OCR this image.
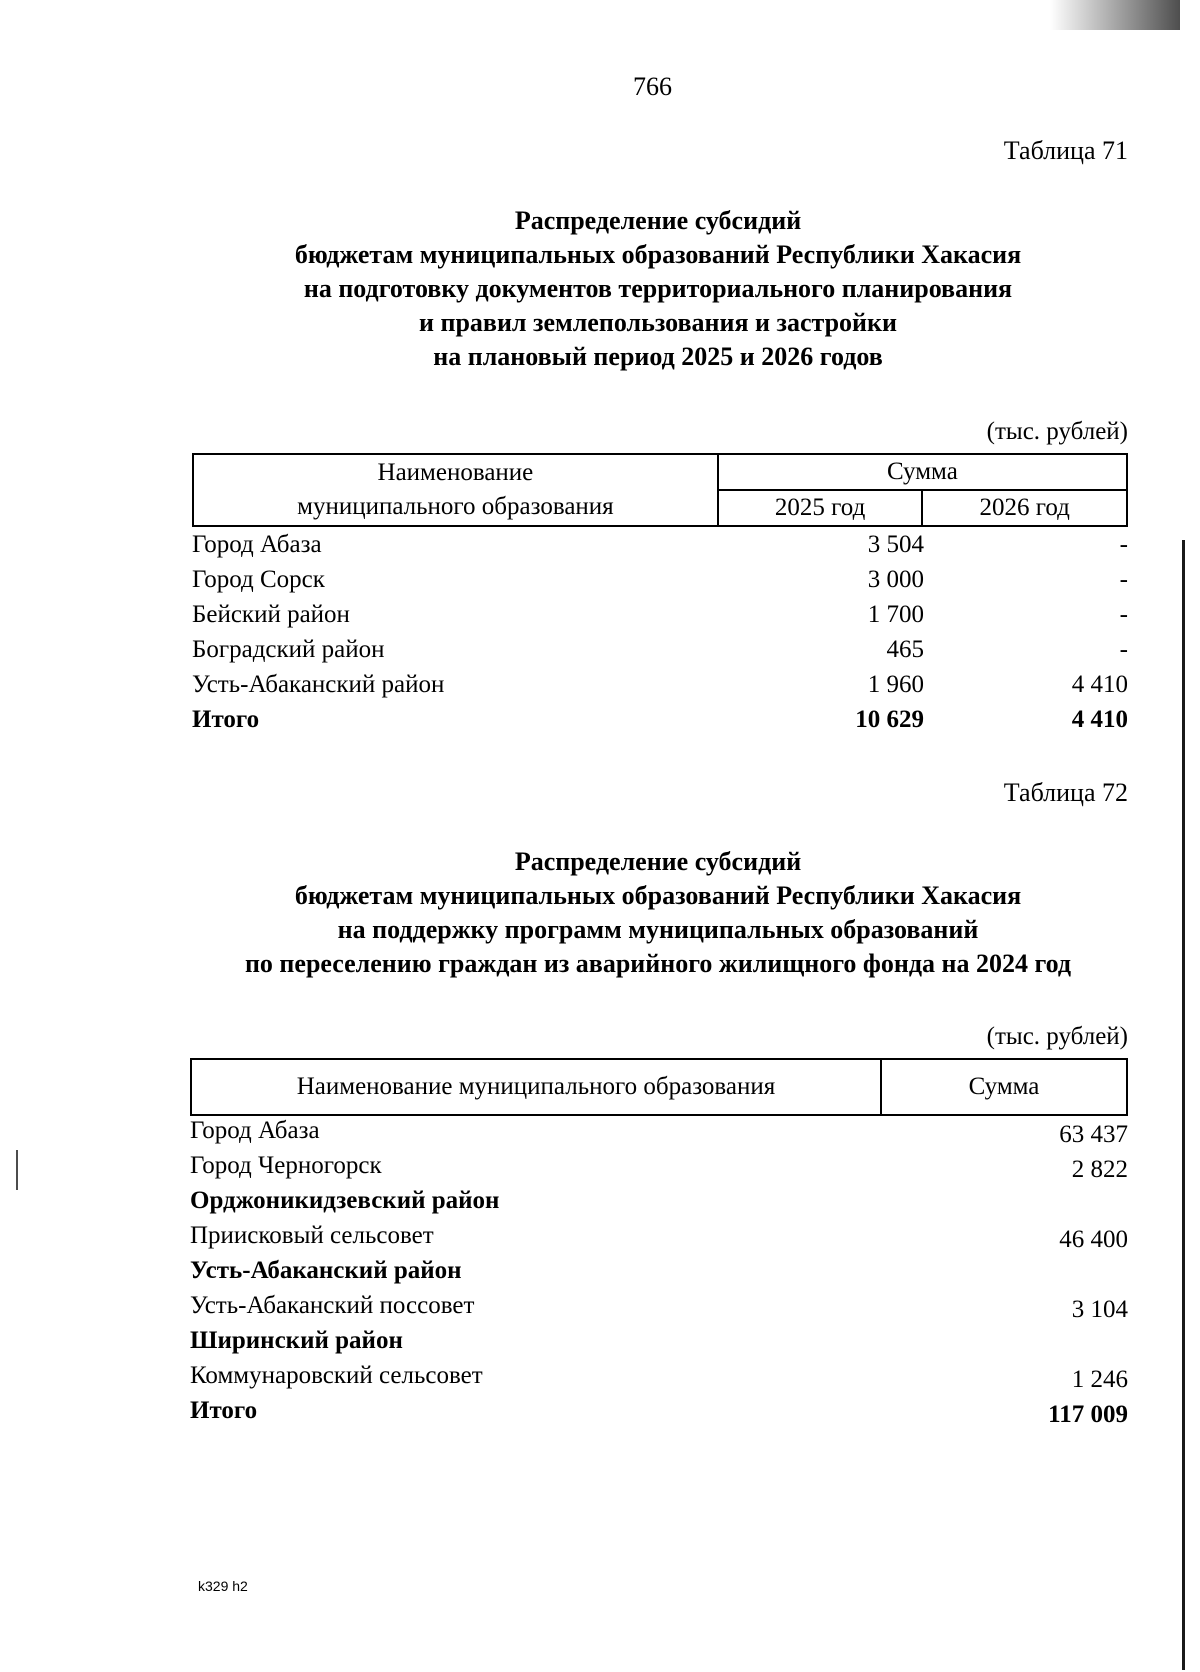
766
Таблица 71
Распределение субсидий
бюджетам муниципальных образований Республики Хакасия
на подготовку документов территориального планирования
и правил землепользования и застройки
на плановый период 2025 и 2026 годов
(тыс. рублей)
Наименование
муниципального образования	Сумма	
	2025 год	2026 год
Город Абаза	3 504	-
Город Сорск	3 000	-
Бейский район	1 700	-
Боградский район	465	-
Усть-Абаканский район	1 960	4 410
Итого	10 629	4 410
Таблица 72
Распределение субсидий
бюджетам муниципальных образований Республики Хакасия
на поддержку программ муниципальных образований
по переселению граждан из аварийного жилищного фонда на 2024 год
(тыс. рублей)
Наименование муниципального образования	Сумма
Город Абаза	63 437
Город Черногорск	2 822
Орджоникидзевский район
Приисковый сельсовет	46 400
Усть-Абаканский район
Усть-Абаканский поссовет	3 104
Ширинский район
Коммунаровский сельсовет	1 246
Итого	117 009
k329 h2
